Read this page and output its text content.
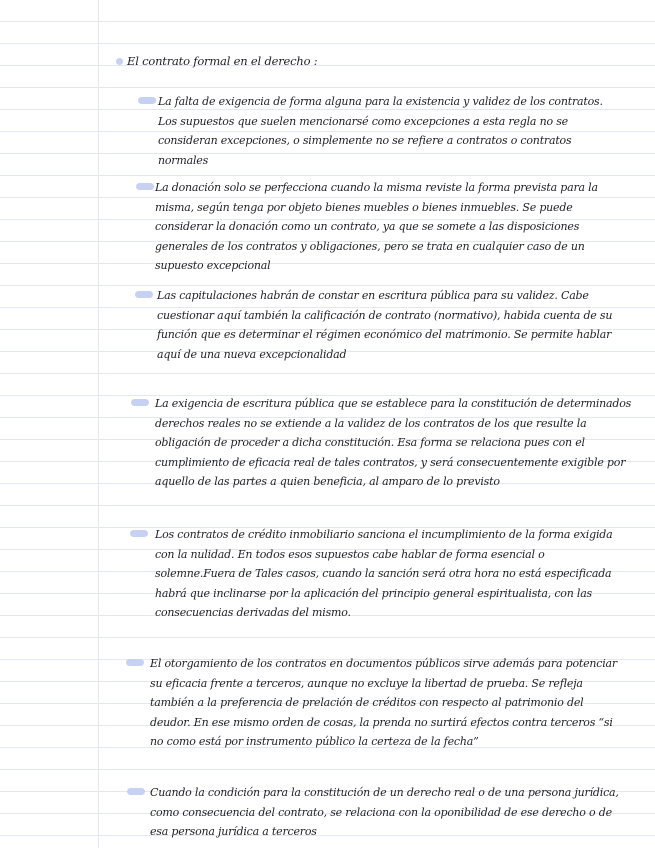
El contrato formal en el derecho :

La falta de exigencia de forma alguna para la existencia y validez de los contratos. Los supuestos que suelen mencionarsé como excepciones a esta regla no se consideran excepciones, o simplemente no se refiere a contratos o contratos normales

La donación solo se perfecciona cuando la misma reviste la forma prevista para la misma, según tenga por objeto bienes muebles o bienes inmuebles. Se puede considerar la donación como un contrato, ya que se somete a las disposiciones generales de los contratos y obligaciones, pero se trata en cualquier caso de un supuesto excepcional

Las capitulaciones habrán de constar en escritura pública para su validez. Cabe cuestionar aquí también la calificación de contrato (normativo), habida cuenta de su función que es determinar el régimen económico del matrimonio. Se permite hablar aquí de una nueva excepcionalidad

La exigencia de escritura pública que se establece para la constitución de determinados derechos reales no se extiende a la validez de los contratos de los que resulte la obligación de proceder a dicha constitución. Esa forma se relaciona pues con el cumplimiento de eficacia real de tales contratos, y será consecuentemente exigible por aquello de las partes a quien beneficia, al amparo de lo previsto

Los contratos de crédito inmobiliario sanciona el incumplimiento de la forma exigida con la nulidad. En todos esos supuestos cabe hablar de forma esencial o solemne.Fuera de Tales casos, cuando la sanción será otra hora no está especificada habrá que inclinarse por la aplicación del principio general espiritualista, con las consecuencias derivadas del mismo.

El otorgamiento de los contratos en documentos públicos sirve además para potenciar su eficacia frente a terceros, aunque no excluye la libertad de prueba. Se refleja también a la preferencia de prelación de créditos con respecto al patrimonio del deudor. En ese mismo orden de cosas, la prenda no surtirá efectos contra terceros “si no como está por instrumento público la certeza de la fecha”

Cuando la condición para la constitución de un derecho real o de una persona jurídica, como consecuencia del contrato, se relaciona con la oponibilidad de ese derecho o de esa persona jurídica a terceros
